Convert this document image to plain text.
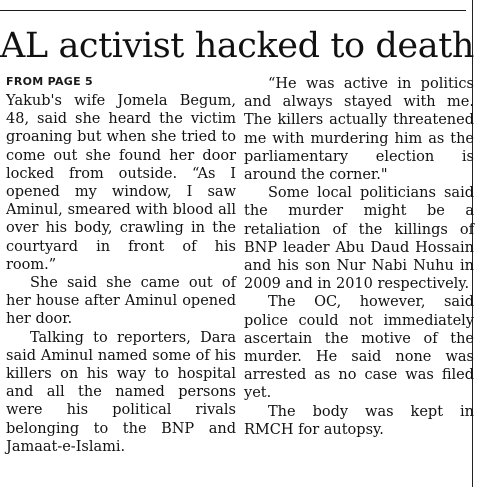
AL activist hacked to death
FROM PAGE 5

Yakub's wife Jomela Begum, 48, said she heard the victim groaning but when she tried to come out she found her door locked from outside. “As I opened my window, I saw Aminul, smeared with blood all over his body, crawling in the courtyard in front of his room.”

She said she came out of her house after Aminul opened her door.

Talking to reporters, Dara said Aminul named some of his killers on his way to hospital and all the named persons were his political rivals belonging to the BNP and Jamaat-e-Islami.

“He was active in politics and always stayed with me. The killers actually threatened me with murdering him as the parliamentary election is around the corner."

Some local politicians said the murder might be a retaliation of the killings of BNP leader Abu Daud Hossain and his son Nur Nabi Nuhu in 2009 and in 2010 respectively.

The OC, however, said police could not immediately ascertain the motive of the murder. He said none was arrested as no case was filed yet.

The body was kept in RMCH for autopsy.
